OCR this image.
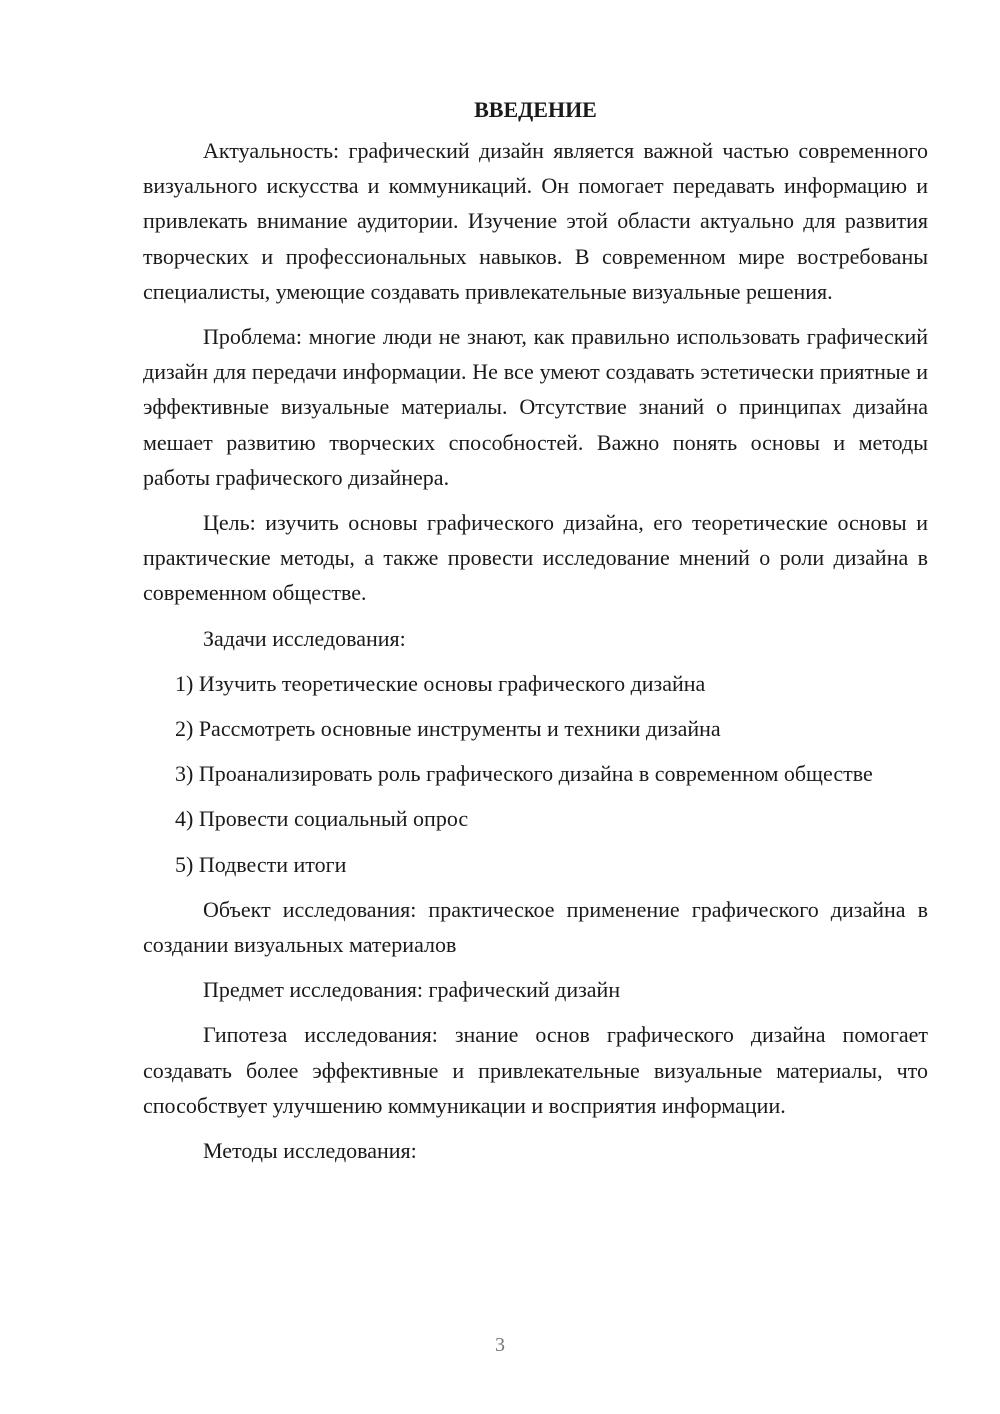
ВВЕДЕНИЕ

Актуальность: графический дизайн является важной частью современного визуального искусства и коммуникаций. Он помогает передавать информацию и привлекать внимание аудитории. Изучение этой области актуально для развития творческих и профессиональных навыков. В современном мире востребованы специалисты, умеющие создавать привлекательные визуальные решения.

Проблема: многие люди не знают, как правильно использовать графический дизайн для передачи информации. Не все умеют создавать эстетически приятные и эффективные визуальные материалы. Отсутствие знаний о принципах дизайна мешает развитию творческих способностей. Важно понять основы и методы работы графического дизайнера.

Цель: изучить основы графического дизайна, его теоретические основы и практические методы, а также провести исследование мнений о роли дизайна в современном обществе.

Задачи исследования:

1) Изучить теоретические основы графического дизайна

2) Рассмотреть основные инструменты и техники дизайна

3) Проанализировать роль графического дизайна в современном обществе

4) Провести социальный опрос

5) Подвести итоги

Объект исследования: практическое применение графического дизайна в создании визуальных материалов

Предмет исследования: графический дизайн

Гипотеза исследования: знание основ графического дизайна помогает создавать более эффективные и привлекательные визуальные материалы, что способствует улучшению коммуникации и восприятия информации.

Методы исследования:

3
